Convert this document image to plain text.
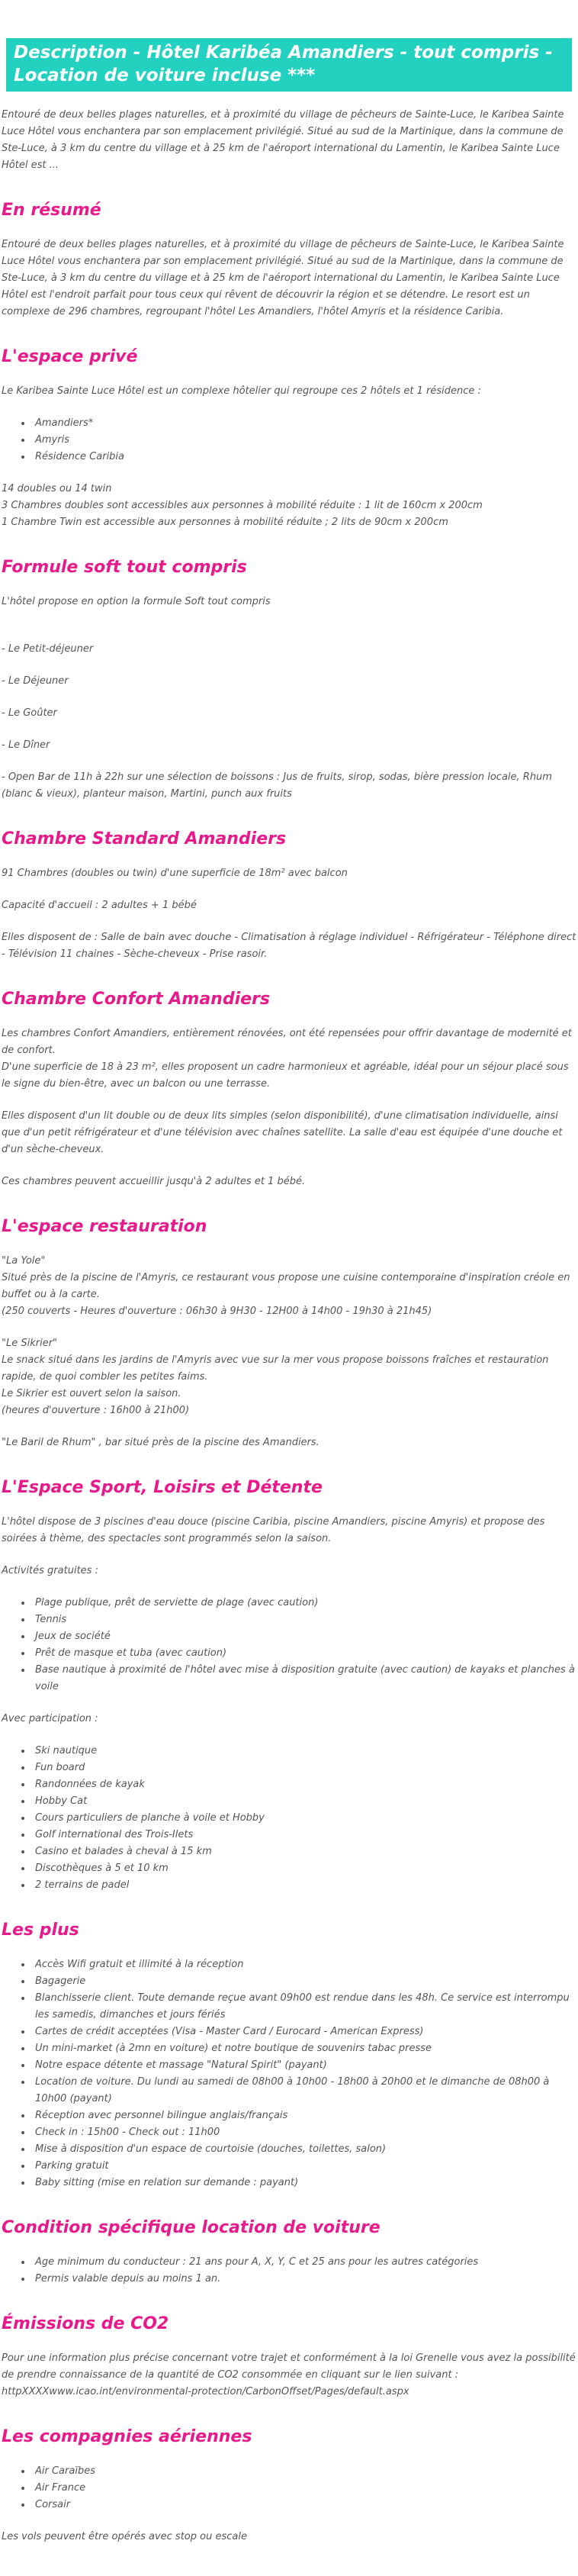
Description - Hôtel Karibéa Amandiers - tout compris - Location de voiture incluse ***

Entouré de deux belles plages naturelles, et à proximité du village de pêcheurs de Sainte-Luce, le Karibea Sainte Luce Hôtel vous enchantera par son emplacement privilégié. Situé au sud de la Martinique, dans la commune de Ste-Luce, à 3 km du centre du village et à 25 km de l'aéroport international du Lamentin, le Karibea Sainte Luce Hôtel est ...

En résumé

Entouré de deux belles plages naturelles, et à proximité du village de pêcheurs de Sainte-Luce, le Karibea Sainte Luce Hôtel vous enchantera par son emplacement privilégié. Situé au sud de la Martinique, dans la commune de Ste-Luce, à 3 km du centre du village et à 25 km de l'aéroport international du Lamentin, le Karibea Sainte Luce Hôtel est l'endroit parfait pour tous ceux qui rêvent de découvrir la région et se détendre. Le resort est un complexe de 296 chambres, regroupant l'hôtel Les Amandiers, l'hôtel Amyris et la résidence Caribia.

L'espace privé

Le Karibea Sainte Luce Hôtel est un complexe hôtelier qui regroupe ces 2 hôtels et 1 résidence :

• Amandiers*
• Amyris
• Résidence Caribia

14 doubles ou 14 twin
3 Chambres doubles sont accessibles aux personnes à mobilité réduite : 1 lit de 160cm x 200cm
1 Chambre Twin est accessible aux personnes à mobilité réduite ; 2 lits de 90cm x 200cm

Formule soft tout compris

L'hôtel propose en option la formule Soft tout compris

- Le Petit-déjeuner

- Le Déjeuner

- Le Goûter

- Le Dîner

- Open Bar de 11h à 22h sur une sélection de boissons : Jus de fruits, sirop, sodas, bière pression locale, Rhum (blanc & vieux), planteur maison, Martini, punch aux fruits

Chambre Standard Amandiers

91 Chambres (doubles ou twin) d'une superficie de 18m² avec balcon

Capacité d'accueil : 2 adultes + 1 bébé

Elles disposent de : Salle de bain avec douche - Climatisation à réglage individuel - Réfrigérateur - Téléphone direct - Télévision 11 chaines - Sèche-cheveux - Prise rasoir.

Chambre Confort Amandiers

Les chambres Confort Amandiers, entièrement rénovées, ont été repensées pour offrir davantage de modernité et de confort.
D'une superficie de 18 à 23 m², elles proposent un cadre harmonieux et agréable, idéal pour un séjour placé sous le signe du bien-être, avec un balcon ou une terrasse.

Elles disposent d'un lit double ou de deux lits simples (selon disponibilité), d'une climatisation individuelle, ainsi que d'un petit réfrigérateur et d'une télévision avec chaînes satellite. La salle d'eau est équipée d'une douche et d'un sèche-cheveux.

Ces chambres peuvent accueillir jusqu'à 2 adultes et 1 bébé.

L'espace restauration

"La Yole"
Situé près de la piscine de l'Amyris, ce restaurant vous propose une cuisine contemporaine d'inspiration créole en buffet ou à la carte.
(250 couverts - Heures d'ouverture : 06h30 à 9H30 - 12H00 à 14h00 - 19h30 à 21h45)

"Le Sikrier"
Le snack situé dans les jardins de l'Amyris avec vue sur la mer vous propose boissons fraîches et restauration rapide, de quoi combler les petites faims.
Le Sikrier est ouvert selon la saison.
(heures d'ouverture : 16h00 à 21h00)

"Le Baril de Rhum" , bar situé près de la piscine des Amandiers.

L'Espace Sport, Loisirs et Détente

L'hôtel dispose de 3 piscines d'eau douce (piscine Caribia, piscine Amandiers, piscine Amyris) et propose des soirées à thème, des spectacles sont programmés selon la saison.

Activités gratuites :

• Plage publique, prêt de serviette de plage (avec caution)
• Tennis
• Jeux de société
• Prêt de masque et tuba (avec caution)
• Base nautique à proximité de l'hôtel avec mise à disposition gratuite (avec caution) de kayaks et planches à voile

Avec participation :

• Ski nautique
• Fun board
• Randonnées de kayak
• Hobby Cat
• Cours particuliers de planche à voile et Hobby
• Golf international des Trois-Ilets
• Casino et balades à cheval à 15 km
• Discothèques à 5 et 10 km
• 2 terrains de padel
Les plus
• Accès Wifi gratuit et illimité à la réception
• Bagagerie
• Blanchisserie client. Toute demande reçue avant 09h00 est rendue dans les 48h. Ce service est interrompu les samedis, dimanches et jours fériés
• Cartes de crédit acceptées (Visa - Master Card / Eurocard - American Express)
• Un mini-market (à 2mn en voiture) et notre boutique de souvenirs tabac presse
• Notre espace détente et massage "Natural Spirit" (payant)
• Location de voiture. Du lundi au samedi de 08h00 à 10h00 - 18h00 à 20h00 et le dimanche de 08h00 à 10h00 (payant)
• Réception avec personnel bilingue anglais/français
• Check in : 15h00 - Check out : 11h00
• Mise à disposition d'un espace de courtoisie (douches, toilettes, salon)
• Parking gratuit
• Baby sitting (mise en relation sur demande : payant)
Condition spécifique location de voiture
• Age minimum du conducteur : 21 ans pour A, X, Y, C et 25 ans pour les autres catégories
• Permis valable depuis au moins 1 an.
Émissions de CO2

Pour une information plus précise concernant votre trajet et conformément à la loi Grenelle vous avez la possibilité de prendre connaissance de la quantité de CO2 consommée en cliquant sur le lien suivant : httpXXXXwww.icao.int/environmental-protection/CarbonOffset/Pages/default.aspx

Les compagnies aériennes
• Air Caraïbes
• Air France
• Corsair

Les vols peuvent être opérés avec stop ou escale
